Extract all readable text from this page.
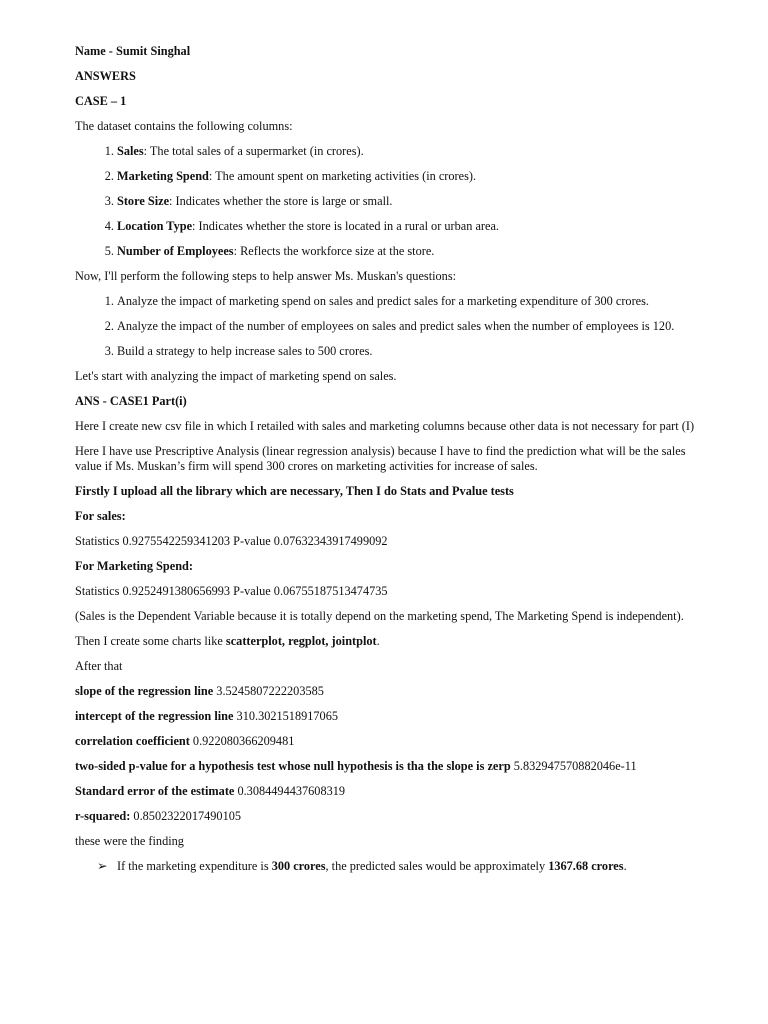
Name - Sumit Singhal

ANSWERS

CASE – 1

The dataset contains the following columns:

1. Sales: The total sales of a supermarket (in crores).
2. Marketing Spend: The amount spent on marketing activities (in crores).
3. Store Size: Indicates whether the store is large or small.
4. Location Type: Indicates whether the store is located in a rural or urban area.
5. Number of Employees: Reflects the workforce size at the store.

Now, I'll perform the following steps to help answer Ms. Muskan's questions:

1. Analyze the impact of marketing spend on sales and predict sales for a marketing expenditure of 300 crores.
2. Analyze the impact of the number of employees on sales and predict sales when the number of employees is 120.
3. Build a strategy to help increase sales to 500 crores.

Let's start with analyzing the impact of marketing spend on sales.

ANS - CASE1 Part(i)

Here I create new csv file in which I retailed with sales and marketing columns because other data is not necessary for part (I)

Here I have use Prescriptive Analysis (linear regression analysis) because I have to find the prediction what will be the sales value if Ms. Muskan’s firm will spend 300 crores on marketing activities for increase of sales.

Firstly I upload all the library which are necessary, Then I do Stats and Pvalue tests

For sales:

Statistics 0.9275542259341203 P-value 0.07632343917499092

For Marketing Spend:

Statistics 0.9252491380656993 P-value 0.06755187513474735

(Sales is the Dependent Variable because it is totally depend on the marketing spend, The Marketing Spend is independent).

Then I create some charts like scatterplot, regplot, jointplot.

After that

slope of the regression line 3.5245807222203585

intercept of the regression line 310.3021518917065

correlation coefficient 0.922080366209481

two-sided p-value for a hypothesis test whose null hypothesis is tha the slope is zerp 5.832947570882046e-11

Standard error of the estimate 0.3084494437608319

r-squared: 0.8502322017490105

these were the finding

➢ If the marketing expenditure is 300 crores, the predicted sales would be approximately 1367.68 crores.
